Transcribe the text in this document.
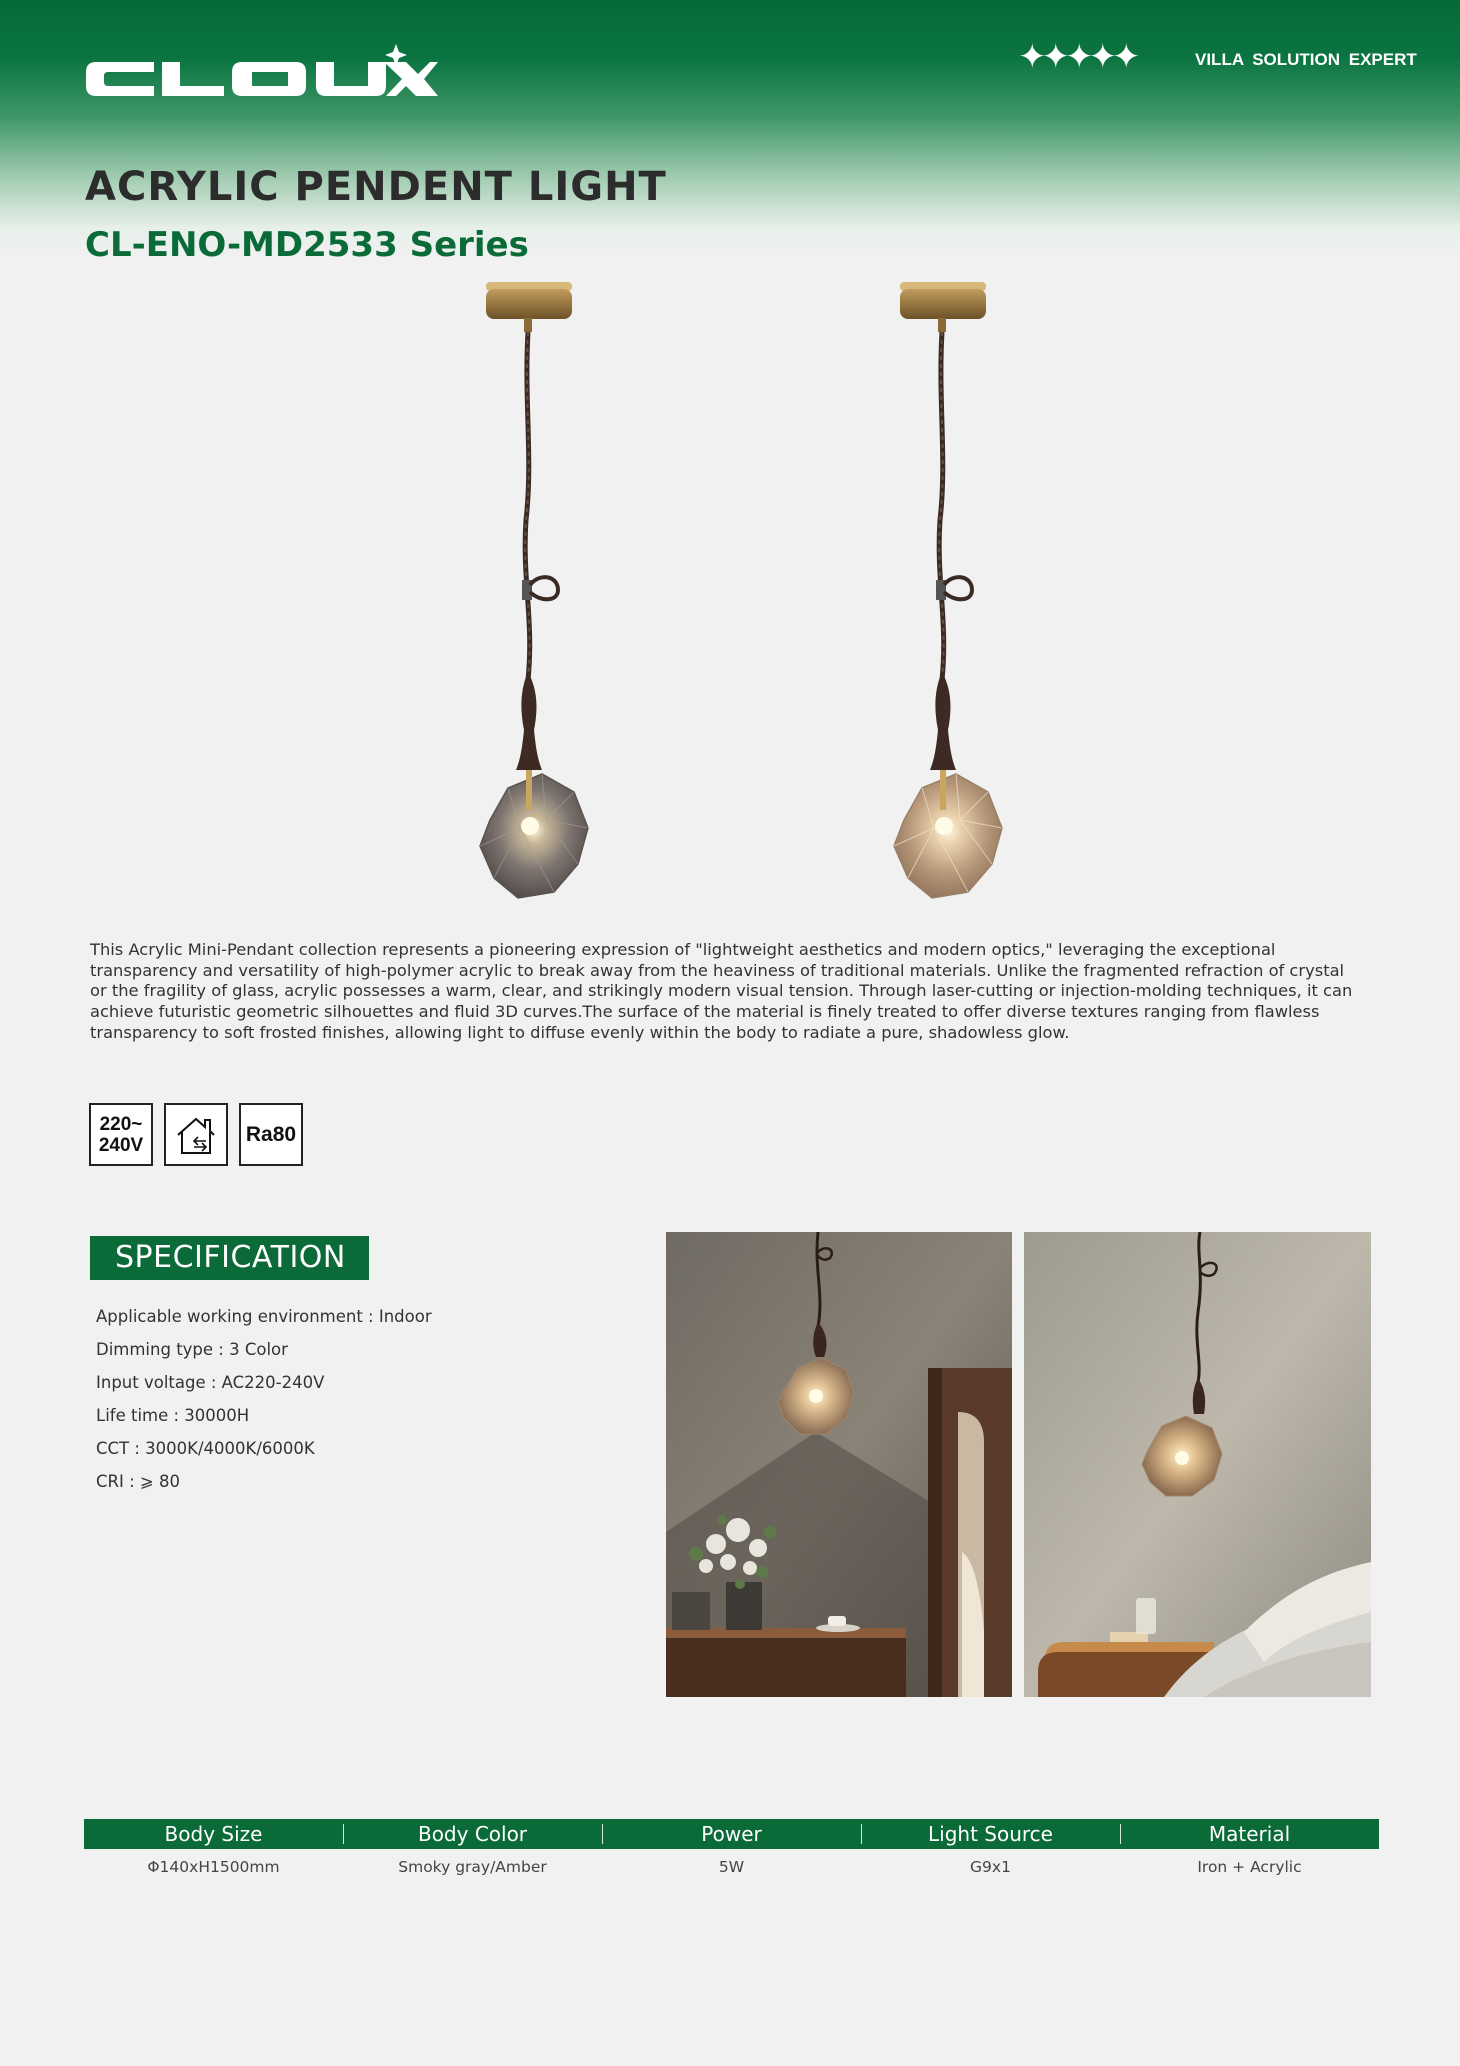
✦✦✦✦✦	VILLA SOLUTION EXPERT
ACRYLIC PENDENT LIGHT
CL-ENO-MD2533 Series

This Acrylic Mini-Pendant collection represents a pioneering expression of "lightweight aesthetics and modern optics," leveraging the exceptional transparency and versatility of high-polymer acrylic to break away from the heaviness of traditional materials. Unlike the fragmented refraction of crystal or the fragility of glass, acrylic possesses a warm, clear, and strikingly modern visual tension. Through laser-cutting or injection-molding techniques, it can achieve futuristic geometric silhouettes and fluid 3D curves.The surface of the material is finely treated to offer diverse textures ranging from flawless transparency to soft frosted finishes, allowing light to diffuse evenly within the body to radiate a pure, shadowless glow.

220~
240V	Ra80
SPECIFICATION
Applicable working environment : Indoor
Dimming type : 3 Color
Input voltage : AC220-240V
Life time : 30000H
CCT : 3000K/4000K/6000K
CRI : ⩾ 80
Body Size	Body Color	Power	Light Source	Material
Φ140xH1500mm	Smoky gray/Amber	5W	G9x1	Iron + Acrylic
